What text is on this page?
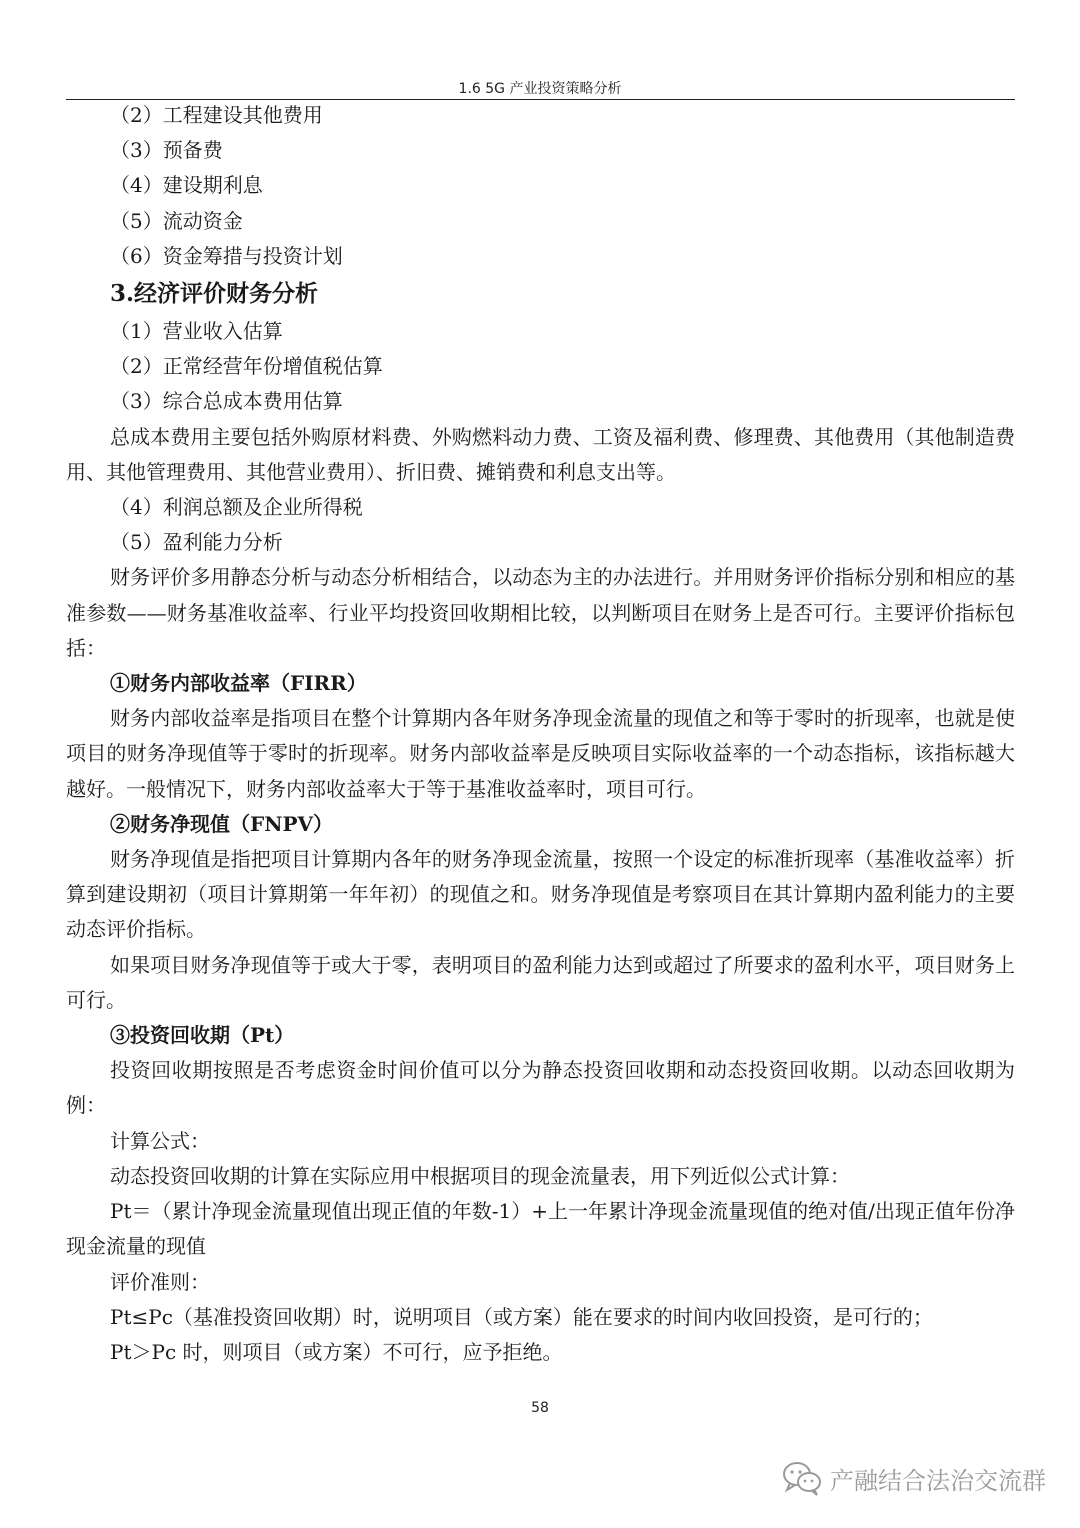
1.6 5G 产业投资策略分析
（2）工程建设其他费用
（3）预备费
（4）建设期利息
（5）流动资金
（6）资金筹措与投资计划
3.经济评价财务分析
（1）营业收入估算
（2）正常经营年份增值税估算
（3）综合总成本费用估算
总成本费用主要包括外购原材料费、外购燃料动力费、工资及福利费、修理费、其他费用（其他制造费用、其他管理费用、其他营业费用）、折旧费、摊销费和利息支出等。
（4）利润总额及企业所得税
（5）盈利能力分析
财务评价多用静态分析与动态分析相结合，以动态为主的办法进行。并用财务评价指标分别和相应的基准参数——财务基准收益率、行业平均投资回收期相比较，以判断项目在财务上是否可行。主要评价指标包括：
①财务内部收益率（FIRR）
财务内部收益率是指项目在整个计算期内各年财务净现金流量的现值之和等于零时的折现率，也就是使项目的财务净现值等于零时的折现率。财务内部收益率是反映项目实际收益率的一个动态指标，该指标越大越好。一般情况下，财务内部收益率大于等于基准收益率时，项目可行。
②财务净现值（FNPV）
财务净现值是指把项目计算期内各年的财务净现金流量，按照一个设定的标准折现率（基准收益率）折算到建设期初（项目计算期第一年年初）的现值之和。财务净现值是考察项目在其计算期内盈利能力的主要动态评价指标。
如果项目财务净现值等于或大于零，表明项目的盈利能力达到或超过了所要求的盈利水平，项目财务上可行。
③投资回收期（Pt）
投资回收期按照是否考虑资金时间价值可以分为静态投资回收期和动态投资回收期。以动态回收期为例：
计算公式：
动态投资回收期的计算在实际应用中根据项目的现金流量表，用下列近似公式计算：
Pt＝（累计净现金流量现值出现正值的年数-1）+上一年累计净现金流量现值的绝对值/出现正值年份净现金流量的现值
评价准则：
Pt≤Pc（基准投资回收期）时，说明项目（或方案）能在要求的时间内收回投资，是可行的；
Pt＞Pc 时，则项目（或方案）不可行，应予拒绝。
58
产融结合法治交流群
